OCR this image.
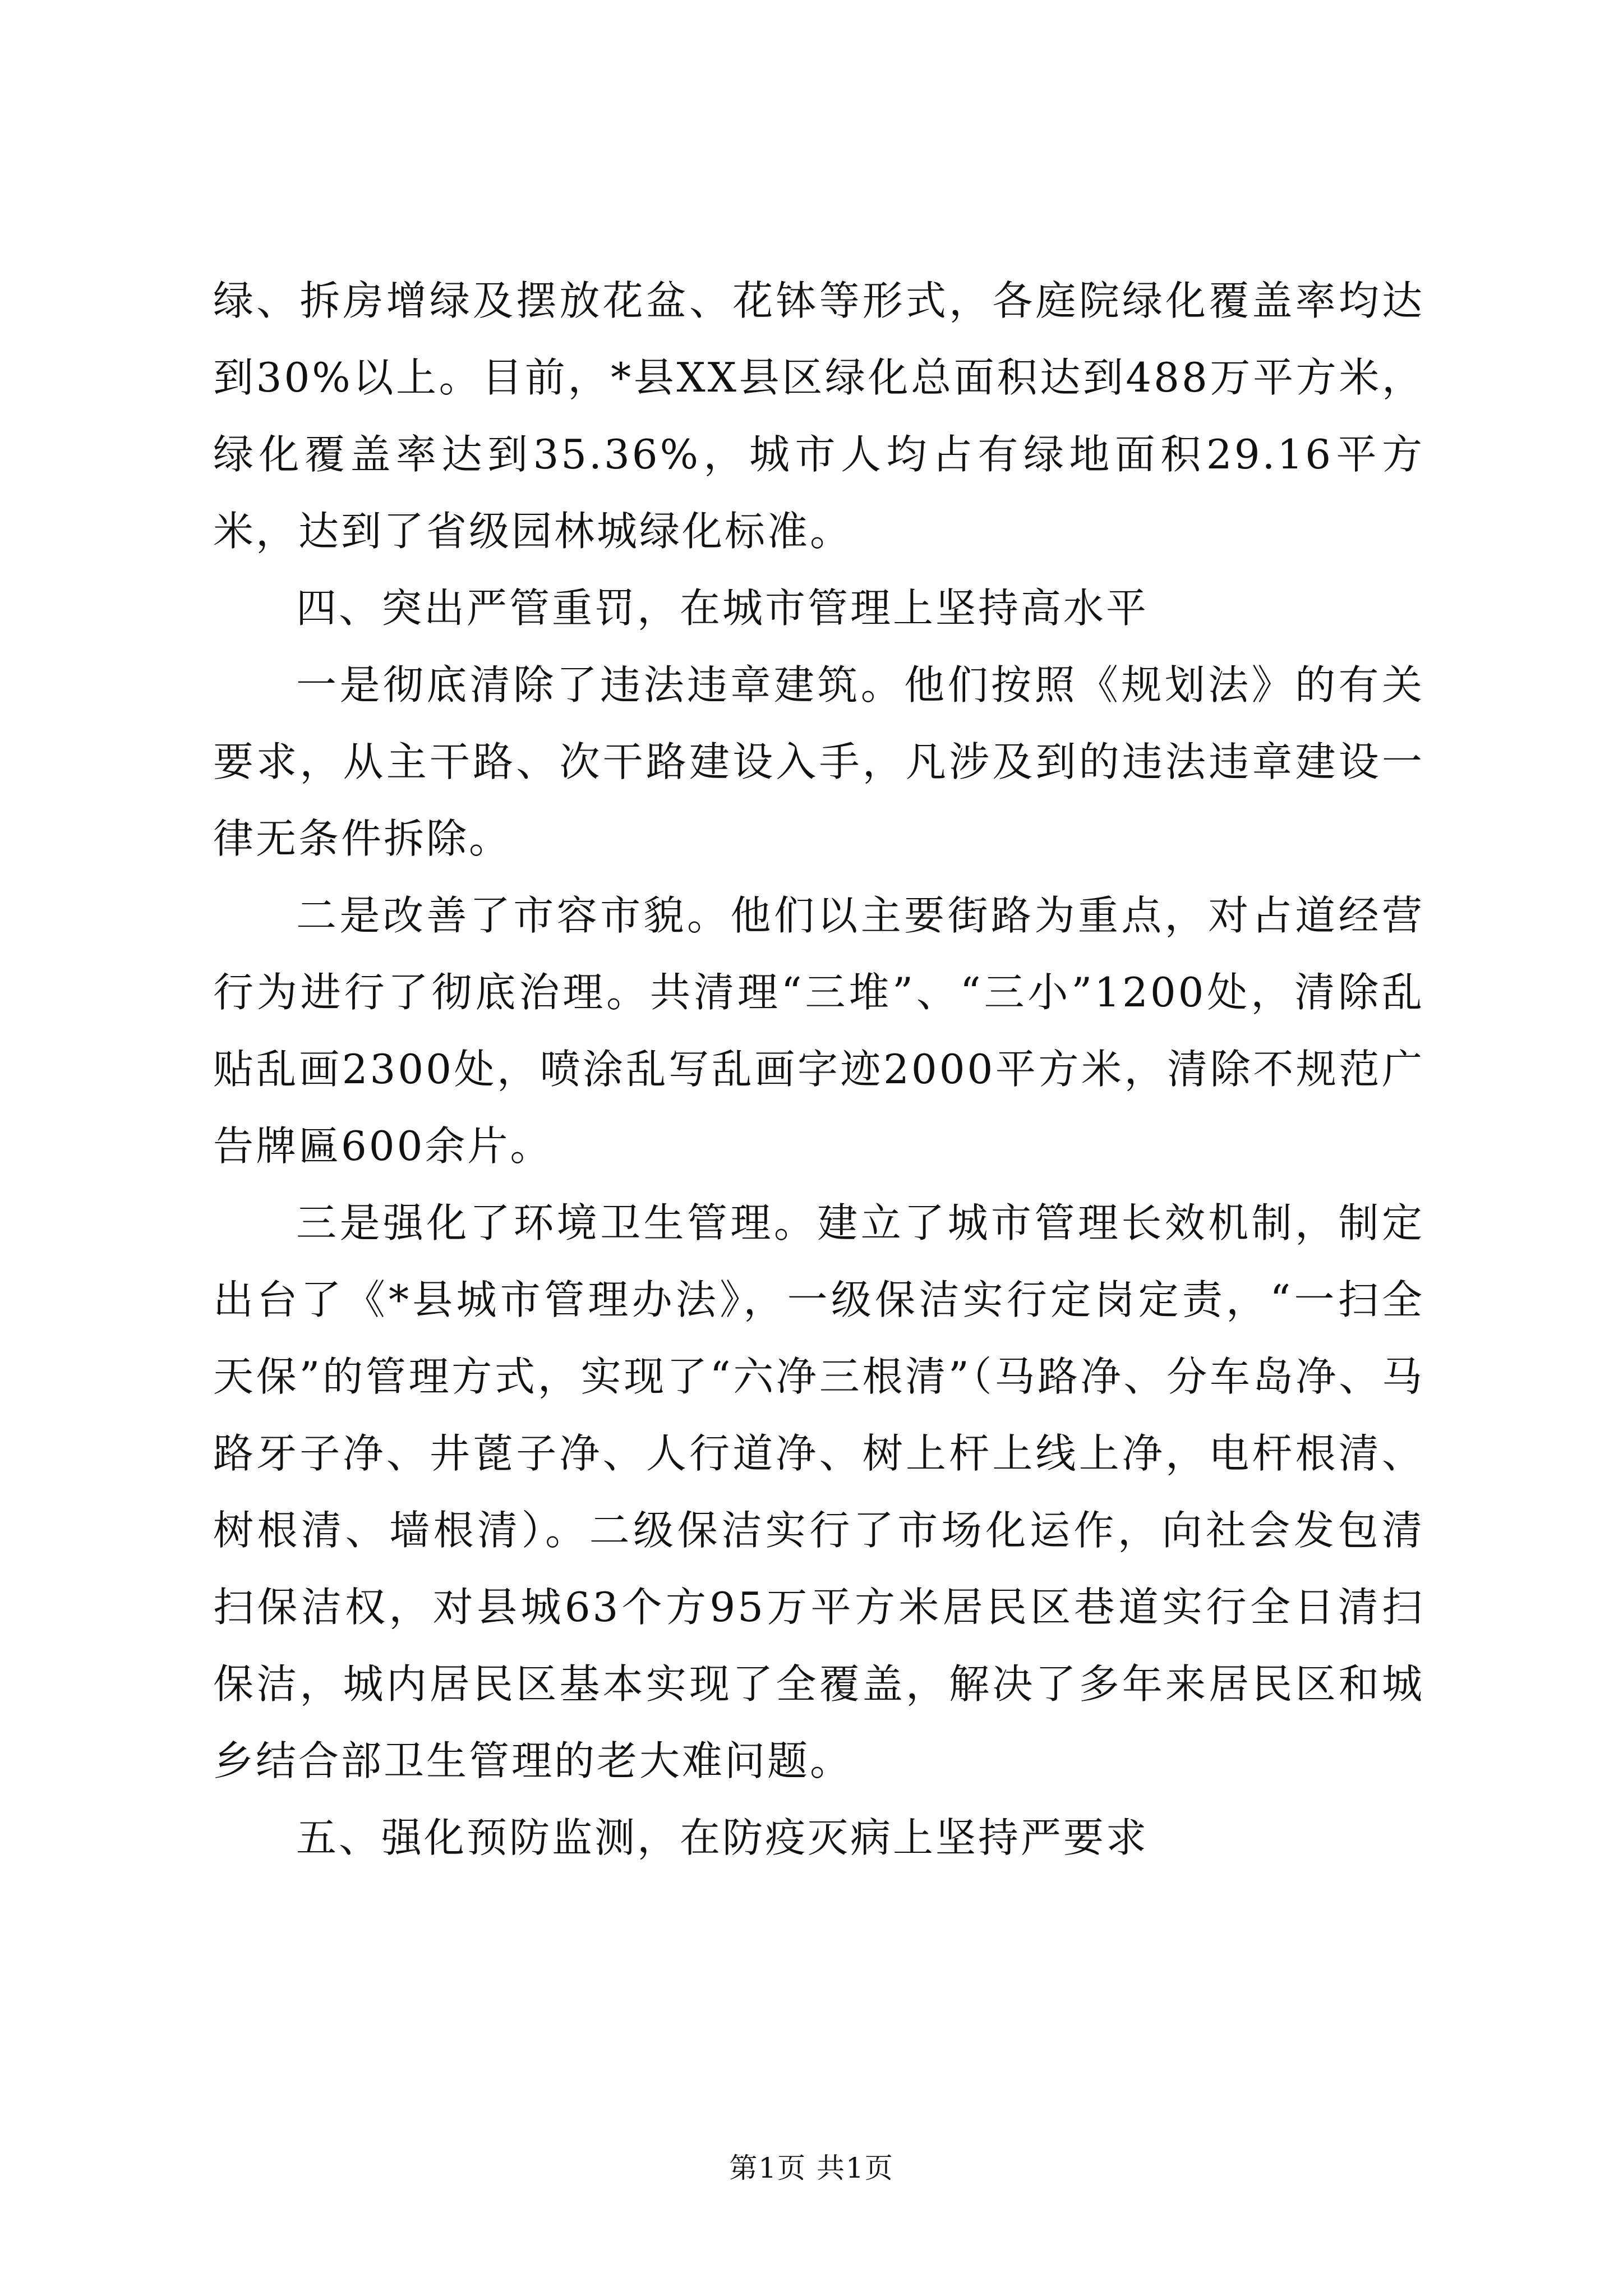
绿、拆房增绿及摆放花盆、花钵等形式，各庭院绿化覆盖率均达到30%以上。目前，*县XX县区绿化总面积达到488万平方米，绿化覆盖率达到35.36%，城市人均占有绿地面积29.16平方米，达到了省级园林城绿化标准。

四、突出严管重罚，在城市管理上坚持高水平

一是彻底清除了违法违章建筑。他们按照《规划法》的有关要求，从主干路、次干路建设入手，凡涉及到的违法违章建设一律无条件拆除。

二是改善了市容市貌。他们以主要街路为重点，对占道经营行为进行了彻底治理。共清理“三堆”、“三小”1200处，清除乱贴乱画2300处，喷涂乱写乱画字迹2000平方米，清除不规范广告牌匾600余片。

三是强化了环境卫生管理。建立了城市管理长效机制，制定出台了《*县城市管理办法》，一级保洁实行定岗定责，“一扫全天保”的管理方式，实现了“六净三根清”（马路净、分车岛净、马路牙子净、井蓖子净、人行道净、树上杆上线上净，电杆根清、树根清、墙根清）。二级保洁实行了市场化运作，向社会发包清扫保洁权，对县城63个方95万平方米居民区巷道实行全日清扫保洁，城内居民区基本实现了全覆盖，解决了多年来居民区和城乡结合部卫生管理的老大难问题。

五、强化预防监测，在防疫灭病上坚持严要求

第1页 共1页
